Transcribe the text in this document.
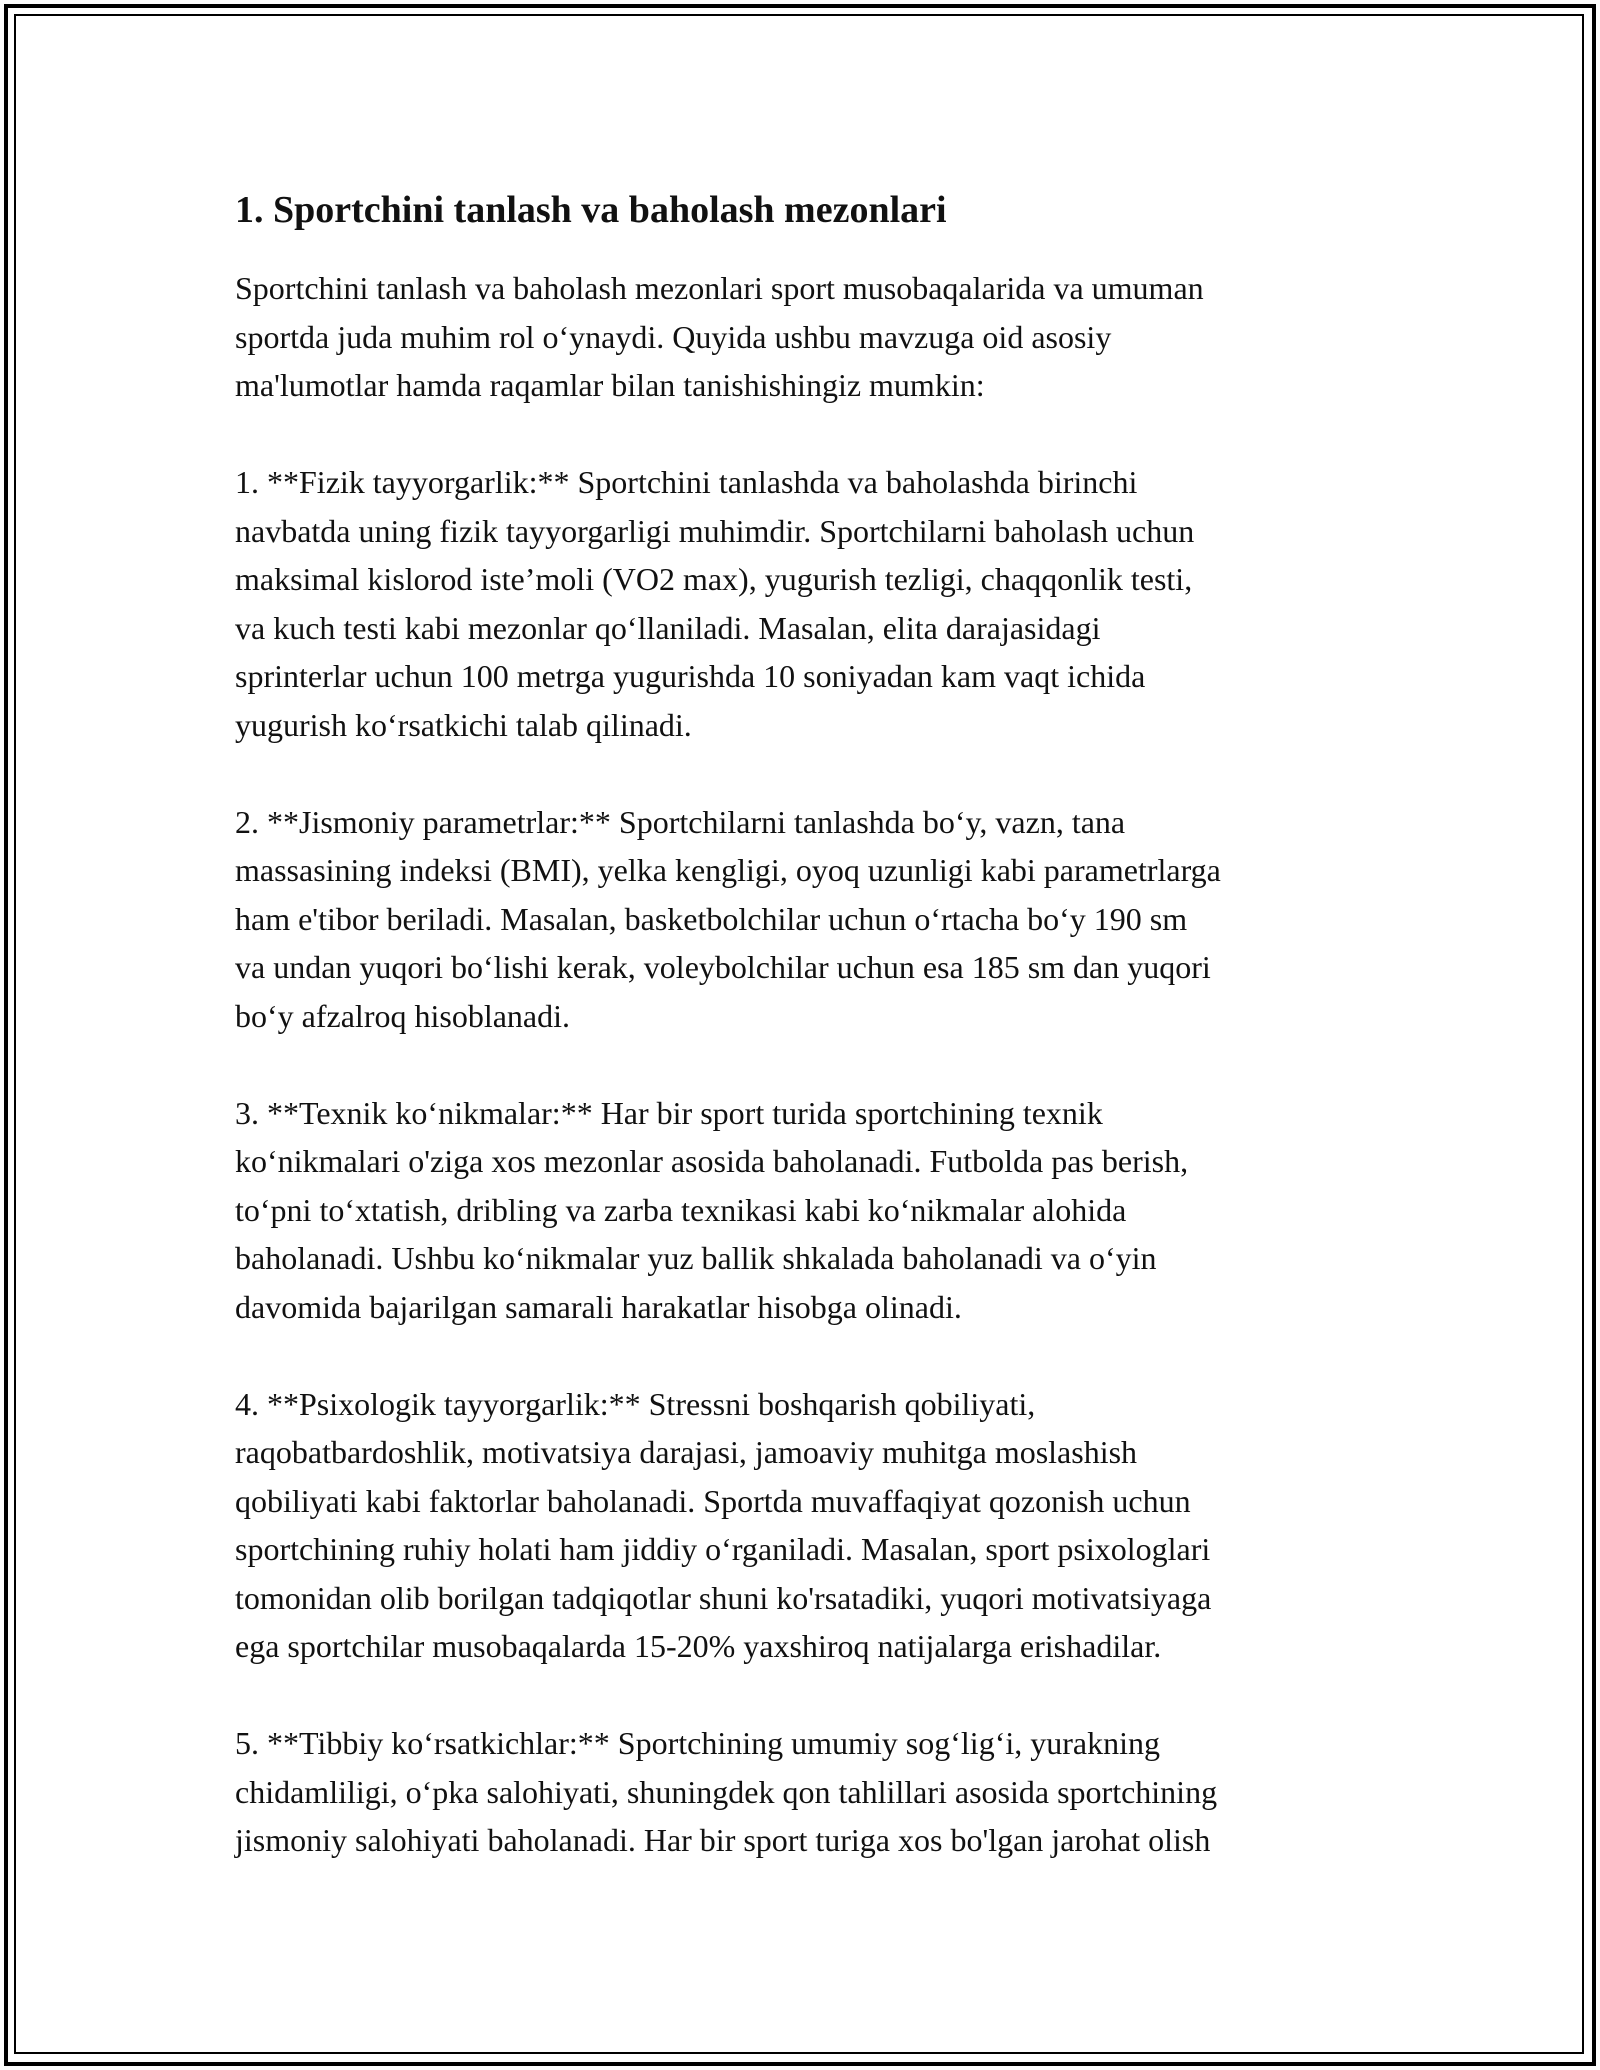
1. Sportchini tanlash va baholash mezonlari

Sportchini tanlash va baholash mezonlari sport musobaqalarida va umuman
sportda juda muhim rol o‘ynaydi. Quyida ushbu mavzuga oid asosiy
ma'lumotlar hamda raqamlar bilan tanishishingiz mumkin:

1. **Fizik tayyorgarlik:** Sportchini tanlashda va baholashda birinchi
navbatda uning fizik tayyorgarligi muhimdir. Sportchilarni baholash uchun
maksimal kislorod iste’moli (VO2 max), yugurish tezligi, chaqqonlik testi,
va kuch testi kabi mezonlar qo‘llaniladi. Masalan, elita darajasidagi
sprinterlar uchun 100 metrga yugurishda 10 soniyadan kam vaqt ichida
yugurish ko‘rsatkichi talab qilinadi.

2. **Jismoniy parametrlar:** Sportchilarni tanlashda bo‘y, vazn, tana
massasining indeksi (BMI), yelka kengligi, oyoq uzunligi kabi parametrlarga
ham e'tibor beriladi. Masalan, basketbolchilar uchun o‘rtacha bo‘y 190 sm
va undan yuqori bo‘lishi kerak, voleybolchilar uchun esa 185 sm dan yuqori
bo‘y afzalroq hisoblanadi.

3. **Texnik ko‘nikmalar:** Har bir sport turida sportchining texnik
ko‘nikmalari o'ziga xos mezonlar asosida baholanadi. Futbolda pas berish,
to‘pni to‘xtatish, dribling va zarba texnikasi kabi ko‘nikmalar alohida
baholanadi. Ushbu ko‘nikmalar yuz ballik shkalada baholanadi va o‘yin
davomida bajarilgan samarali harakatlar hisobga olinadi.

4. **Psixologik tayyorgarlik:** Stressni boshqarish qobiliyati,
raqobatbardoshlik, motivatsiya darajasi, jamoaviy muhitga moslashish
qobiliyati kabi faktorlar baholanadi. Sportda muvaffaqiyat qozonish uchun
sportchining ruhiy holati ham jiddiy o‘rganiladi. Masalan, sport psixologlari
tomonidan olib borilgan tadqiqotlar shuni ko'rsatadiki, yuqori motivatsiyaga
ega sportchilar musobaqalarda 15-20% yaxshiroq natijalarga erishadilar.

5. **Tibbiy ko‘rsatkichlar:** Sportchining umumiy sog‘lig‘i, yurakning
chidamliligi, o‘pka salohiyati, shuningdek qon tahlillari asosida sportchining
jismoniy salohiyati baholanadi. Har bir sport turiga xos bo'lgan jarohat olish
